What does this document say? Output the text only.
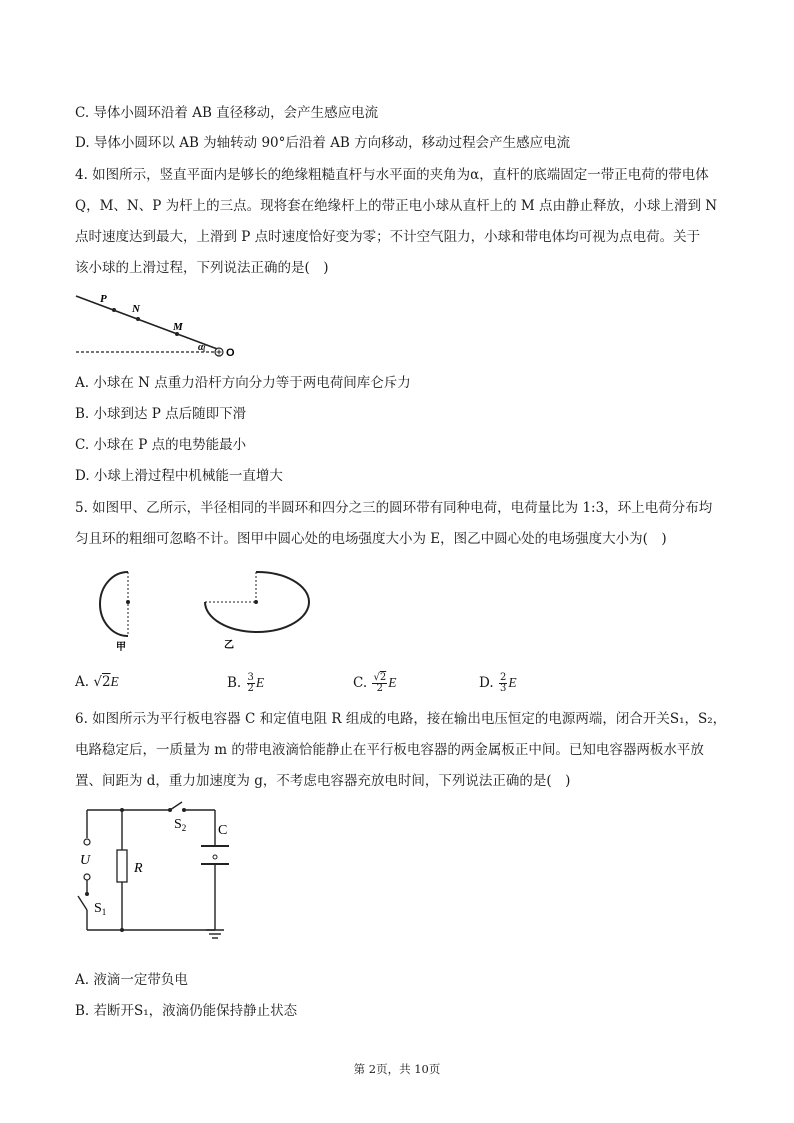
C. 导体小圆环沿着 AB 直径移动，会产生感应电流
D. 导体小圆环以 AB 为轴转动 90°后沿着 AB 方向移动，移动过程会产生感应电流
4. 如图所示，竖直平面内是够长的绝缘粗糙直杆与水平面的夹角为α，直杆的底端固定一带正电荷的带电体
Q，M、N、P 为杆上的三点。现将套在绝缘杆上的带正电小球从直杆上的 M 点由静止释放，小球上滑到 N
点时速度达到最大，上滑到 P 点时速度恰好变为零；不计空气阻力，小球和带电体均可视为点电荷。关于
该小球的上滑过程，下列说法正确的是(　)
P
N
M
α O
A. 小球在 N 点重力沿杆方向分力等于两电荷间库仑斥力
B. 小球到达 P 点后随即下滑
C. 小球在 P 点的电势能最小
D. 小球上滑过程中机械能一直增大
5. 如图甲、乙所示，半径相同的半圆环和四分之三的圆环带有同种电荷，电荷量比为 1:3，环上电荷分布均
匀且环的粗细可忽略不计。图甲中圆心处的电场强度大小为 E，图乙中圆心处的电场强度大小为(　)
甲	乙
A. √2E	B. $\frac{3}{2}$ E	C. $\frac{√2}{2}$ E	D. $\frac{2}{3}$ E
6. 如图所示为平行板电容器 C 和定值电阻 R 组成的电路，接在输出电压恒定的电源两端，闭合开关S₁，S₂，
电路稳定后，一质量为 m 的带电液滴恰能静止在平行板电容器的两金属板正中间。已知电容器两板水平放
置、间距为 d，重力加速度为 g，不考虑电容器充放电时间，下列说法正确的是(　)
$S_2$ C
U
R
$S_1$
A. 液滴一定带负电
B. 若断开S₁，液滴仍能保持静止状态
第 2页，共 10页
